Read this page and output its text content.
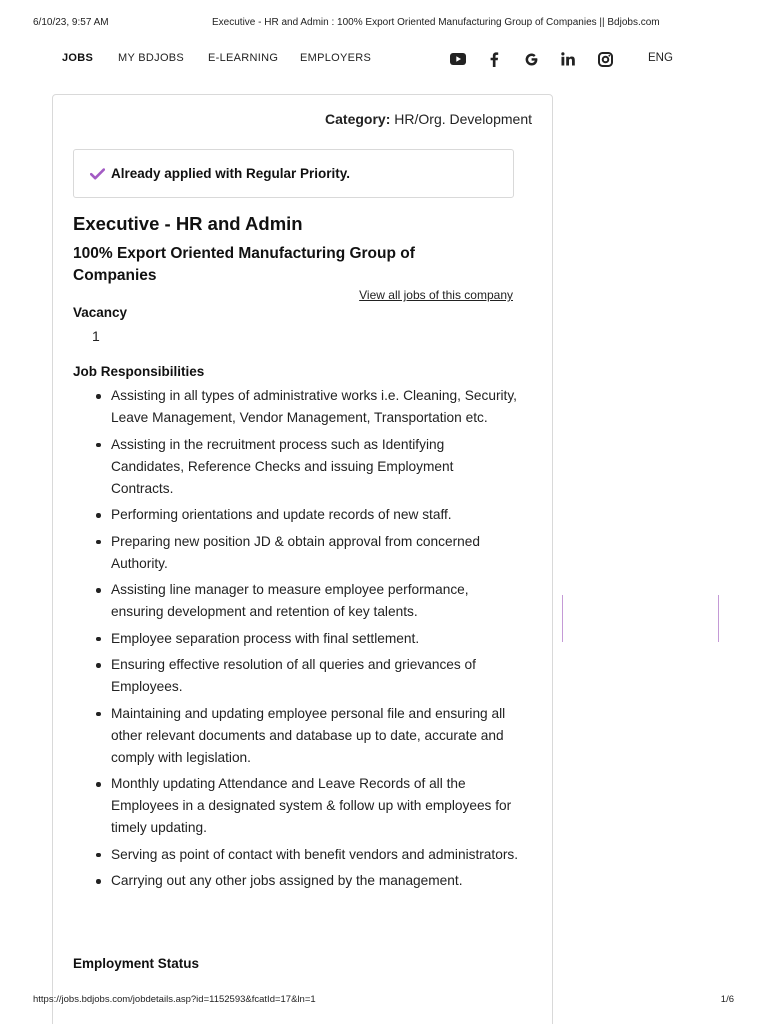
6/10/23, 9:57 AM	Executive - HR and Admin : 100% Export Oriented Manufacturing Group of Companies || Bdjobs.com
JOBS MY BDJOBS E-LEARNING EMPLOYERS	ENG
Category: HR/Org. Development
Already applied with Regular Priority.
Executive - HR and Admin
100% Export Oriented Manufacturing Group of Companies
View all jobs of this company
Vacancy
1
Job Responsibilities
Assisting in all types of administrative works i.e. Cleaning, Security, Leave Management, Vendor Management, Transportation etc.
Assisting in the recruitment process such as Identifying Candidates, Reference Checks and issuing Employment Contracts.
Performing orientations and update records of new staff.
Preparing new position JD & obtain approval from concerned Authority.
Assisting line manager to measure employee performance, ensuring development and retention of key talents.
Employee separation process with final settlement.
Ensuring effective resolution of all queries and grievances of Employees.
Maintaining and updating employee personal file and ensuring all other relevant documents and database up to date, accurate and comply with legislation.
Monthly updating Attendance and Leave Records of all the Employees in a designated system & follow up with employees for timely updating.
Serving as point of contact with benefit vendors and administrators.
Carrying out any other jobs assigned by the management.
Employment Status
https://jobs.bdjobs.com/jobdetails.asp?id=1152593&fcatId=17&ln=1	1/6
